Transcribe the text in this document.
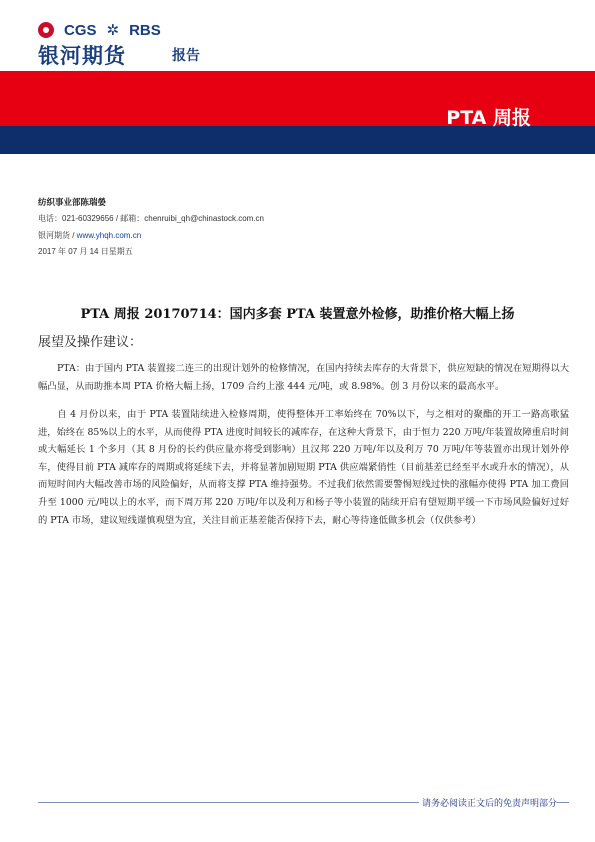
CGS ✲ RBS
银河期货	报告
PTA 周报
纺织事业部陈瑞嫈
电话：021-60329656 / 邮箱：chenruibi_qh@chinastock.com.cn
银河期货 / www.yhqh.com.cn
2017 年 07 月 14 日星期五
PTA 周报 20170714：国内多套 PTA 装置意外检修，助推价格大幅上扬
展望及操作建议：
PTA：由于国内 PTA 装置接二连三的出现计划外的检修情况，在国内持续去库存的大背景下，供应短缺的情况在短期得以大幅凸显，从而助推本周 PTA 价格大幅上扬，1709 合约上涨 444 元/吨，或 8.98%。创 3 月份以来的最高水平。
自 4 月份以来，由于 PTA 装置陆续进入检修周期，使得整体开工率始终在 70%以下，与之相对的聚酯的开工一路高歌猛进，始终在 85%以上的水平，从而使得 PTA 进度时间较长的减库存，在这种大背景下，由于恒力 220 万吨/年装置故障重启时间或大幅延长 1 个多月（其 8 月份的长约供应量亦将受到影响）且汉邦 220 万吨/年以及利万 70 万吨/年等装置亦出现计划外停车，使得目前 PTA 减库存的周期或将延续下去，并将显著加剧短期 PTA 供应端紧俏性（目前基差已经至平水或升水的情况），从而短时间内大幅改善市场的风险偏好，从而将支撑 PTA 维持强势。不过我们依然需要警惕短线过快的涨幅亦使得 PTA 加工费回升至 1000 元/吨以上的水平，而下周万邦 220 万吨/年以及利万和杨子等小装置的陆续开启有望短期平缓一下市场风险偏好过好的 PTA 市场，建议短线谨慎观望为宜，关注目前正基差能否保持下去，耐心等待逢低做多机会（仅供参考）
请务必阅读正文后的免责声明部分
